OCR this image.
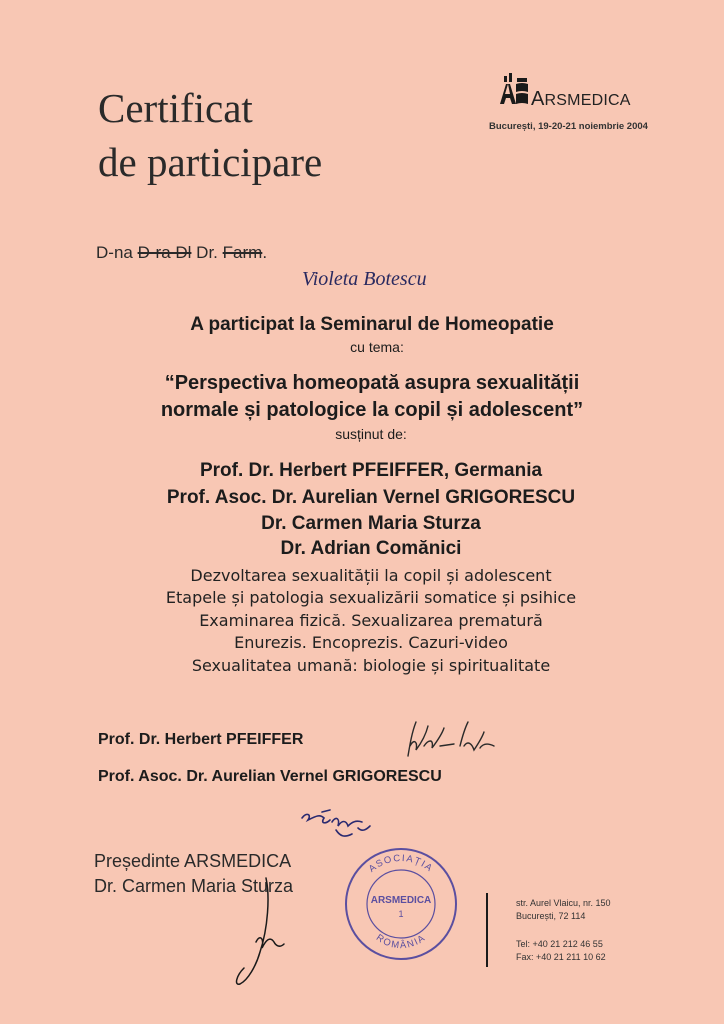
Certificat
de participare
ARSMEDICA
București, 19-20-21 noiembrie 2004
D-na D-ra Dl Dr. Farm.
Violeta Botescu
A participat la Seminarul de Homeopatie
cu tema:
“Perspectiva homeopată asupra sexualității
normale și patologice la copil și adolescent”
susținut de:
Prof. Dr. Herbert PFEIFFER, Germania
Prof. Asoc. Dr. Aurelian Vernel GRIGORESCU
Dr. Carmen Maria Sturza
Dr. Adrian Comănici
Dezvoltarea sexualității la copil și adolescent
Etapele și patologia sexualizării somatice și psihice
Examinarea fizică. Sexualizarea prematură
Enurezis. Encoprezis. Cazuri-video
Sexualitatea umană: biologie și spiritualitate
Prof. Dr. Herbert PFEIFFER
Prof. Asoc. Dr. Aurelian Vernel GRIGORESCU
Președinte ARSMEDICA
Dr. Carmen Maria Sturza
ASOCIAȚIA
ARSMEDICA
1
ROMÂNIA
str. Aurel Vlaicu, nr. 150
București, 72 114
Tel: +40 21 212 46 55
Fax: +40 21 211 10 62
